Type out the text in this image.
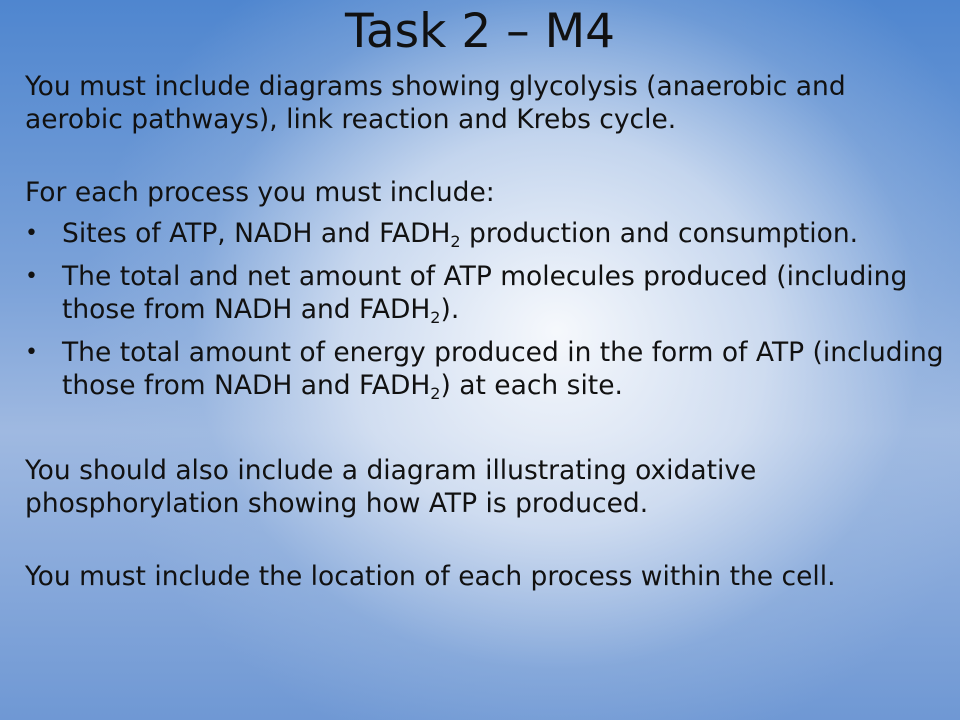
Task 2 – M4

You must include diagrams showing glycolysis (anaerobic and aerobic pathways), link reaction and Krebs cycle.

For each process you must include:

• Sites of ATP, NADH and $FADH_2$ production and consumption.
• The total and net amount of ATP molecules produced (including those from NADH and $FADH_2$).
• The total amount of energy produced in the form of ATP (including those from NADH and $FADH_2$) at each site.

You should also include a diagram illustrating oxidative phosphorylation showing how ATP is produced.

You must include the location of each process within the cell.
